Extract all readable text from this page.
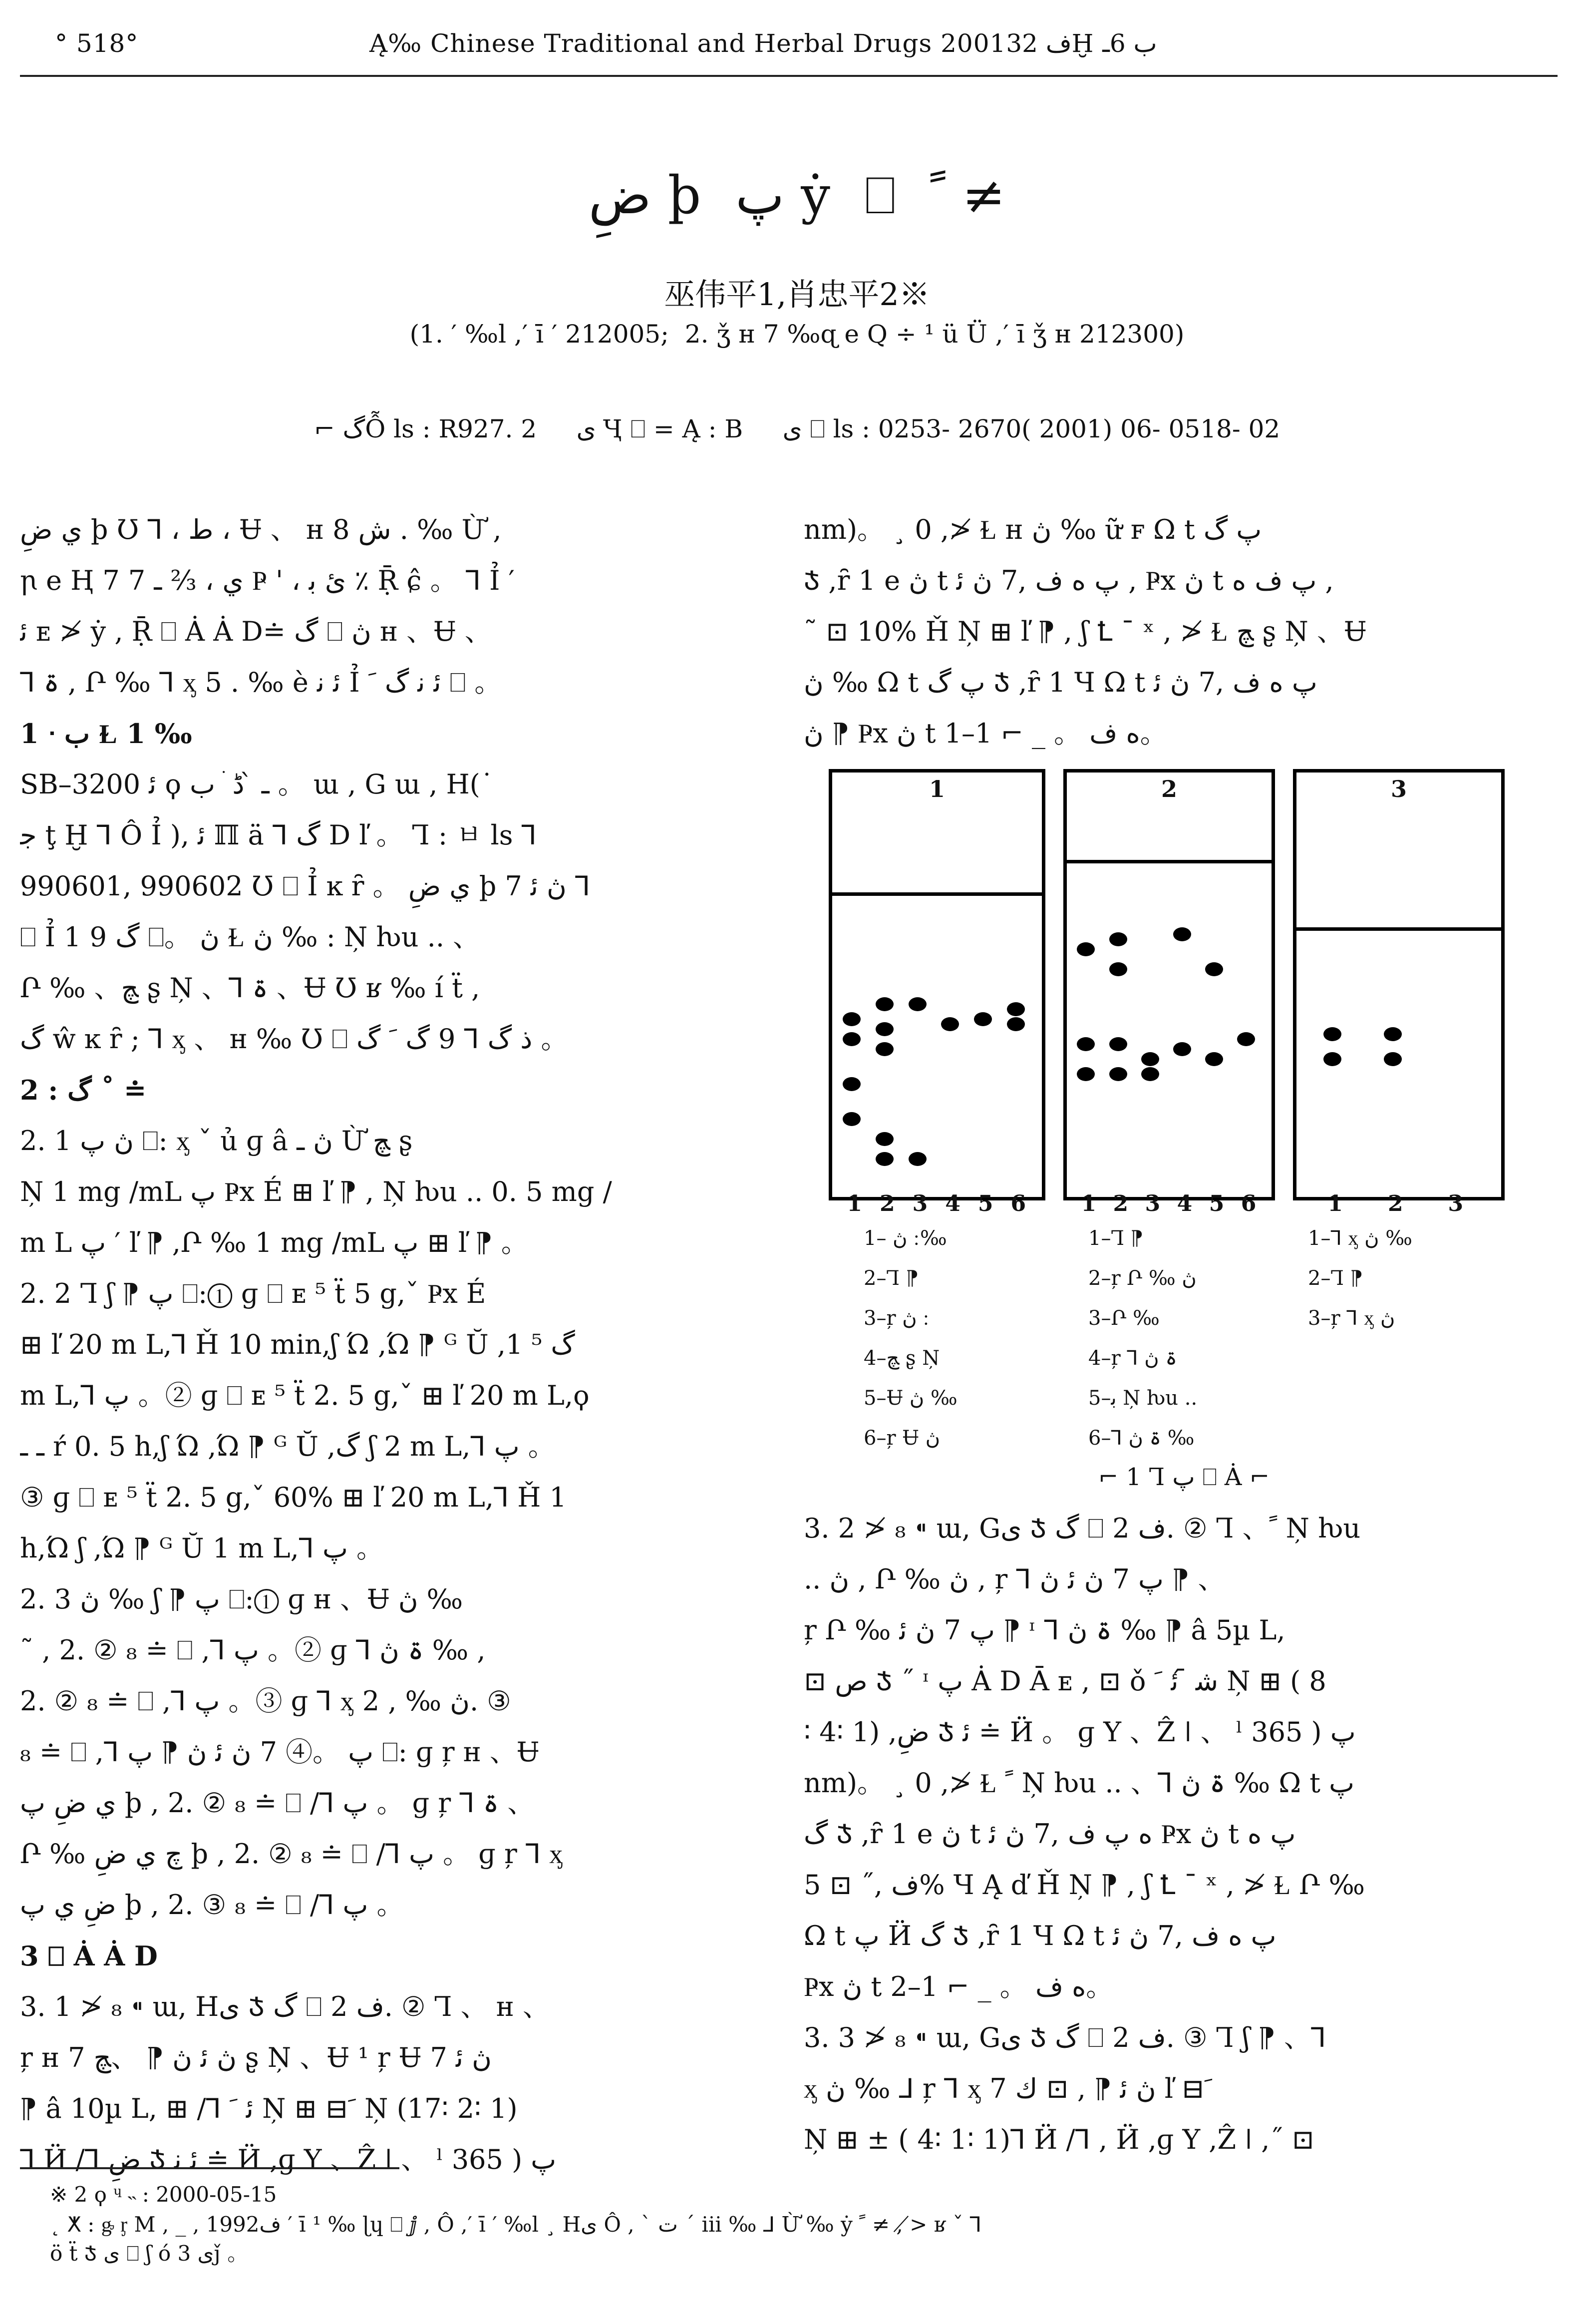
° 518°	Ą‰ Chinese Traditional and Herbal Drugs 2001ف 32Ḫ ب 6ـ
ضِ þ پ ẏ ⎕ ﹰ ≠
巫伟平1,肖忠平2※
(1. ′ ‰l ,′ ī ′ 212005;  2. ǯ ʜ 7 ‰ɋ e Q ÷ ¹ ü Ü ,′ ī ǯ ʜ 212300)
⌐ گỖ ls : R927. 2     ى Ҷ ⎕ = Ą : B     ى ⎕ ls : 0253- 2670( 2001) 06- 0518- 02

ي ضِ þ Ʊ ⅂ ، ط ، Ʉ 、 ʜ ﺵ 8 . ‰ Ừ ,

ꞃ e Ⱨ 7 7 ي ، ⅔ ـ Ҏ ' ، ئ ﺑ ٪ Ṝ ɕ̂ 。 ⅂ Ỉ ′

ﺋ ᴇ ≯ ẏ , Ṝ ⎕ Ȧ Ȧ D≐ گ ⎕ ڽ ʜ 、Ʉ 、

⅂ ۃ , Ր ‰ ⅂ ᶍ 5 . ‰ è ﺋ ﻧ Ỉ ﺋ ﻧ گ ﹶ ⎕ 。

1 ᐧ ب Ɫ 1 ‰

SB–3200 ﺋ ϙ ـ ̀ ڈ ׄ ب 。 ɯ , G ɯ , H(˙

ﺟ ţ Ḫ ⅂ Ô Ỉ ), ﺋ ℿ ä ⅂ گ D ľ 。 Ꞁ : ㅂ ls ⅂

990601, 990602 Ʊ ⎕ Ỉ ĸ ȓ 。 ي ضِ þ 7 ڽ ﺋ ⅂

⎕ Ỉ 1 9 گ ⎕。 ڽ Ɫ ڽ ‰ : Ņ ƕu .. 、

Ր ‰ 、ﭻ ʂ Ņ 、⅂ ۃ 、Ʉ Ʊ ʁ ‰ í ẗ ,

گ ŵ ĸ ȓ ; ⅂ ᶍ 、 ʜ ‰ Ʊ ⎕ ذ گ ⅂ 9 گ ﹶ گ 。

2 : گ ˚ ≐

2. 1 ڽ پ ⎕: ᶍ ˇ ủ ɡ â ڽ ـ Ừ ﭻ ʂ

Ņ 1 mg /mL پ Ҏx É ⊞ ľ ⁋ , Ņ ƕu .. 0. 5 mg /

m L پ ′ ľ ⁋ ,Ր ‰ 1 mg /mL پ ⊞ ľ ⁋ 。

2. 2 Ꞁ ʃ ⁋ پ ⎕:① ɡ ⎕ ᴇ ⁵ ẗ 5 g,ˇ Ҏx É

⊞ ľ 20 m L,⅂ Ȟ 10 min,ʃ Ώ ,Ώ ⁋ ᴳ Ŭ ,گ ⁵ 1

m L,⅂ پ 。② ɡ ⎕ ᴇ ⁵ ẗ 2. 5 g,ˇ ⊞ ľ 20 m L,ϙ

ـ ـ ŕ 0. 5 h,ʃ Ώ ,Ώ ⁋ ᴳ Ŭ ,گ ʃ 2 m L,⅂ پ 。

③ ɡ ⎕ ᴇ ⁵ ẗ 2. 5 g,ˇ 60% ⊞ ľ 20 m L,⅂ Ȟ 1

h,Ώ ʃ ,Ώ ⁋ ᴳ Ŭ 1 m L,⅂ پ 。

2. 3 ڽ ‰ ʃ ⁋ پ ⎕:① ɡ ʜ 、Ʉ ڽ ‰

˜ , 2. ② ₈ ≐ ⎕ ,⅂ پ 。② ɡ ⅂ ۃ ڽ ‰ ,

2. ② ₈ ≐ ⎕ ,⅂ پ 。③ ɡ ⅂ ᶍ ڽ ‰ , 2. ③

₈ ≐ ⎕ ,⅂ پ 。④ 7 ڽ ﺋ ڽ ⁋ پ ⎕: ɡ ŗ ʜ 、Ʉ

ي ضِ پ þ , 2. ② ₈ ≐ ⎕ /⅂ پ 。 ɡ ŗ ⅂ ۃ 、

Ր ‰ ﭺ ي ضِ þ , 2. ② ₈ ≐ ⎕ /⅂ پ 。 ɡ ŗ ⅂ ᶍ

ضِ ي پ þ , 2. ③ ₈ ≐ ⎕ /⅂ پ 。

3 ⎕ Ȧ Ȧ D

3. 1 ≯ ₈ ⁌ ɯ, Hى Ჯ گ ⎕ ف 2. ② Ꞁ 、 ʜ 、

ŗ ʜ 7 ڽ ﺋ ڽ ⁋ 、ﭻ ʂ Ņ 、Ʉ ¹ ŗ Ʉ 7 ڽ ﺋ

⁋ â 10µ L, ⊞ /⅂ ﺋ ﹶ Ņ ⊞ ⊟ﹶ Ņ (17∶ 2∶ 1)

⅂ Ӥ /⅂ ضِ Ჯ ﺋ ﻧ ≐ Ӥ ,ɡ Y 、Ẑ ǀ 、 ˡ پ ( 365

nm)。 ¸ 0 ,≯ Ɫ ʜ ڽ ‰ ữ ꜰ Ω t پ گ

Ჯ ,ȓ 1 e ڽ t پ ه ف ,7 ڽ ﺋ , Ҏx ڽ t پ ف ه ,

˜ ⊡ 10% Ȟ Ņ ⊞ ľ ⁋ , ʃ Ꝉ ¯ ˣ , ≯ Ɫ ﭻ ʂ Ņ 、Ʉ

ڽ ‰ Ω t پ گ Ჯ ,ȓ 1 Ч Ω t پ ه ف ,7 ڽ ﺋ

ڽ ⁋ Ҏx ڽ t ه ف 。 _ ⌐ 1–1。

1
1 2 3 4 5 6
2
1 2 3 4 5 6
3
1 2 3
1– ׃ ڽ ‰
2–Ꞁ ⁋
3–ŗ ׃ ڽ
4–ﭻ ʂ Ņ
5–Ʉ ڽ ‰
6–ŗ Ʉ ڽ
1–Ꞁ ⁋
2–ŗ Ր ‰ ڽ
3–Ր ‰
4–ŗ ⅂ ۃ ڽ
5–ﺑ Ņ ƕu ..
6–⅂ ۃ ڽ ‰
1–⅂ ᶍ ڽ ‰
2–Ꞁ ⁋
3–ŗ ⅂ ᶍ ڽ
⌐ 1 Ꞁ پ ⎕ Ȧ ⌐

3. 2 ≯ ₈ ⁌ ɯ, Gى Ჯ گ ⎕ ف 2. ② Ꞁ 、ﹰ Ņ ƕu

.. ڽ , Ր ‰ ڽ , ŗ ⅂ پ 7 ڽ ﺋ ڽ ⁋ 、

ŗ Ր ‰ پ 7 ڽ ﺋ ⁋ ᶦ ⅂ ۃ ڽ ‰ ⁋ â 5µ L,

⊡ ص Ჯ ˝ ᶦ پ Ȧ D Ā ᴇ , ⊡ ǒ ﺷ ᷇ ﺋ ﹶ Ņ ⊞ ( 8

∶ 4∶ 1) ,ضِ Ჯ ﺋ ≐ Ӥ 。 ɡ Y 、Ẑ ǀ 、 ˡ پ ( 365

nm)。 ¸ 0 ,≯ Ɫ ﹰ Ņ ƕu .. 、⅂ ۃ ڽ ‰ Ω t پ

گ Ჯ ,ȓ 1 e ڽ t ه پ ف ,7 ڽ ﺋ Ҏx ڽ t پ ه

ف ,˝ ⊡ 5% Ч Ą ď Ȟ Ņ ⁋ , ʃ Ꝉ ¯ ˣ , ≯ Ɫ Ր ‰

Ω t پ Ӥ گ Ჯ ,ȓ 1 Ч Ω t پ ه ف ,7 ڽ ﺋ

Ҏx ڽ t ه ف 。 _ ⌐ 1–2。

3. 3 ≯ ₈ ⁌ ɯ, Gى Ჯ گ ⎕ ف 2. ③ Ꞁ ʃ ⁋ 、⅂

ᶍ ڽ ‰ ⅃ ŗ ⅂ ᶍ 7 ڽ ﺋ ⁋ , ⊡ ﻙ ľ ⊟ﹶ

Ņ ⊞ ± ( 4∶ 1∶ 1)⅂ Ӥ /⅂ , Ӥ ,ɡ Y ,Ẑ ǀ ,˝ ⊡

※ 2 ϙ ᶣ ˵ : 2000-05-15
˛ ⵅ : ᶃ ᶉ M , _ , 1992ف ′ ī ¹ ‰ ɭɥ ⎕ ⅉ , Ô ,′ ī ′ ‰l ¸ Hى Ô , ˋ ت ˊ iii ‰ ⅃ Ừ ‰ ẏ ﹰ ≠ , ≯ ʁ ˇ ⅂
ö ẗ Ჯ ى ⎕ ʃ ó ى 3ǰ 。
